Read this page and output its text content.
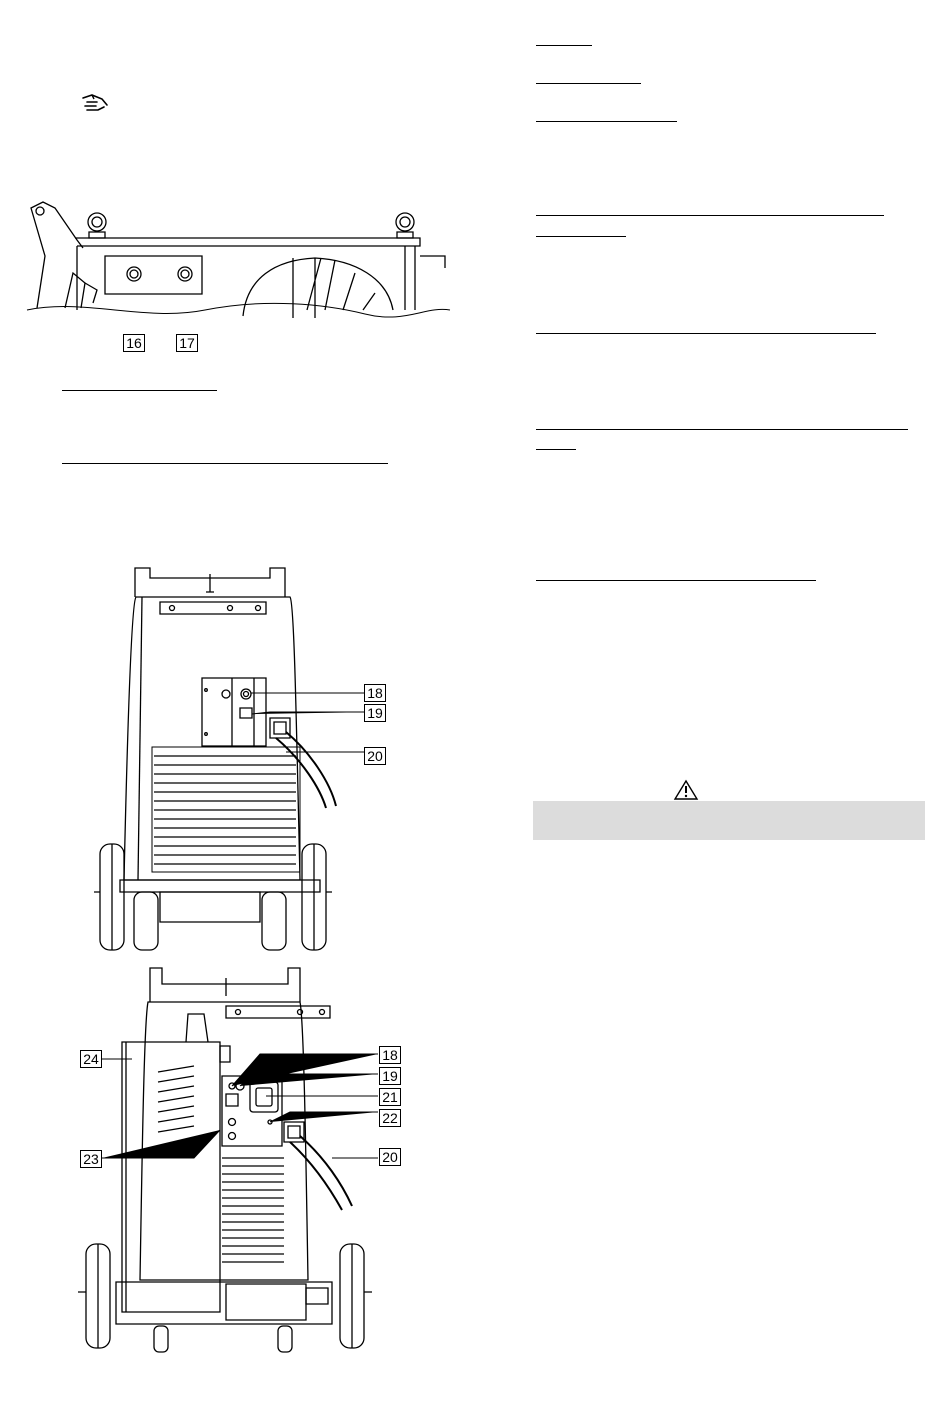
16	17
18
19
20
24
23
18
19
21
22
20
